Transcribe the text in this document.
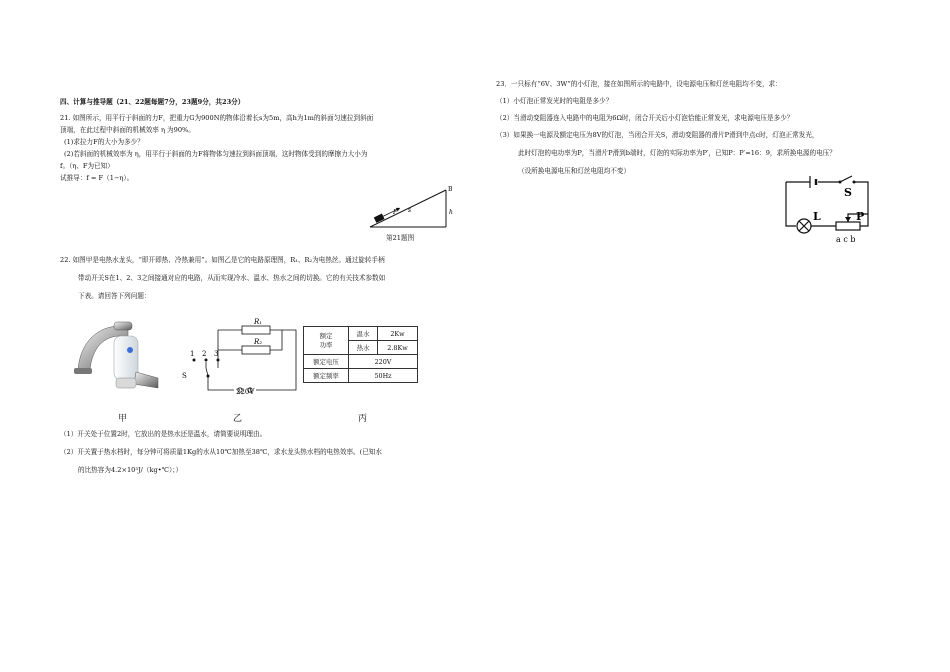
四、计算与推导题（21、22题每题7分，23题9分，共23分）
21. 如图所示，用平行于斜面的力F，把重力G为900N的物体沿着长s为5m，高h为1m的斜面匀速拉到斜面
顶端，在此过程中斜面的机械效率 η 为90%。
(1)求拉力F的大小为多少？
(2)若斜面的机械效率为 η，用平行于斜面的力F将物体匀速拉到斜面顶端，这时物体受到的摩擦力大小为
f。（η、F为已知）
试推导：f = F（1−η）。
F s
B
h
第21题图
22. 如图甲是电热水龙头，“即开即热、冷热兼用”。如图乙是它的电路原理图，R₁、R₂为电热丝。通过旋转手柄
带动开关S在1、2、3之间接通对应的电路，从而实现冷水、温水、热水之间的切换。它的有关技术参数如
下表。请回答下列问题：
R₁
R₂
1 2 3
S
220V
额定
功率	温水	2Kw
	热水	2.8Kw
额定电压	220V	
额定频率	50Hz	
甲	乙	丙
（1）开关处于位置2时，它放出的是热水还是温水，请简要说明理由。
（2）开关置于热水档时，每分钟可将质量1Kg的水从10℃加热至38℃，求水龙头热水档的电热效率。(已知水
的比热容为4.2×10³J/（kg•℃）；）
23．一只标有“6V、3W”的小灯泡，接在如图所示的电路中，设电源电压和灯丝电阻均不变，求：
（1）小灯泡正常发光时的电阻是多少？
（2）当滑动变阻器连入电路中的电阻为6Ω时，闭合开关后小灯泡恰能正常发光，求电源电压是多少？
（3）如果换一电源及额定电压为8V的灯泡，当闭合开关S，滑动变阻器的滑片P滑到中点c时，灯泡正常发光，
此时灯泡的电功率为P，当滑片P滑到b端时，灯泡的实际功率为P′，已知P：P′=16：9，求所换电源的电压？
（设所换电源电压和灯丝电阻均不变）
S
L	P
a c b
